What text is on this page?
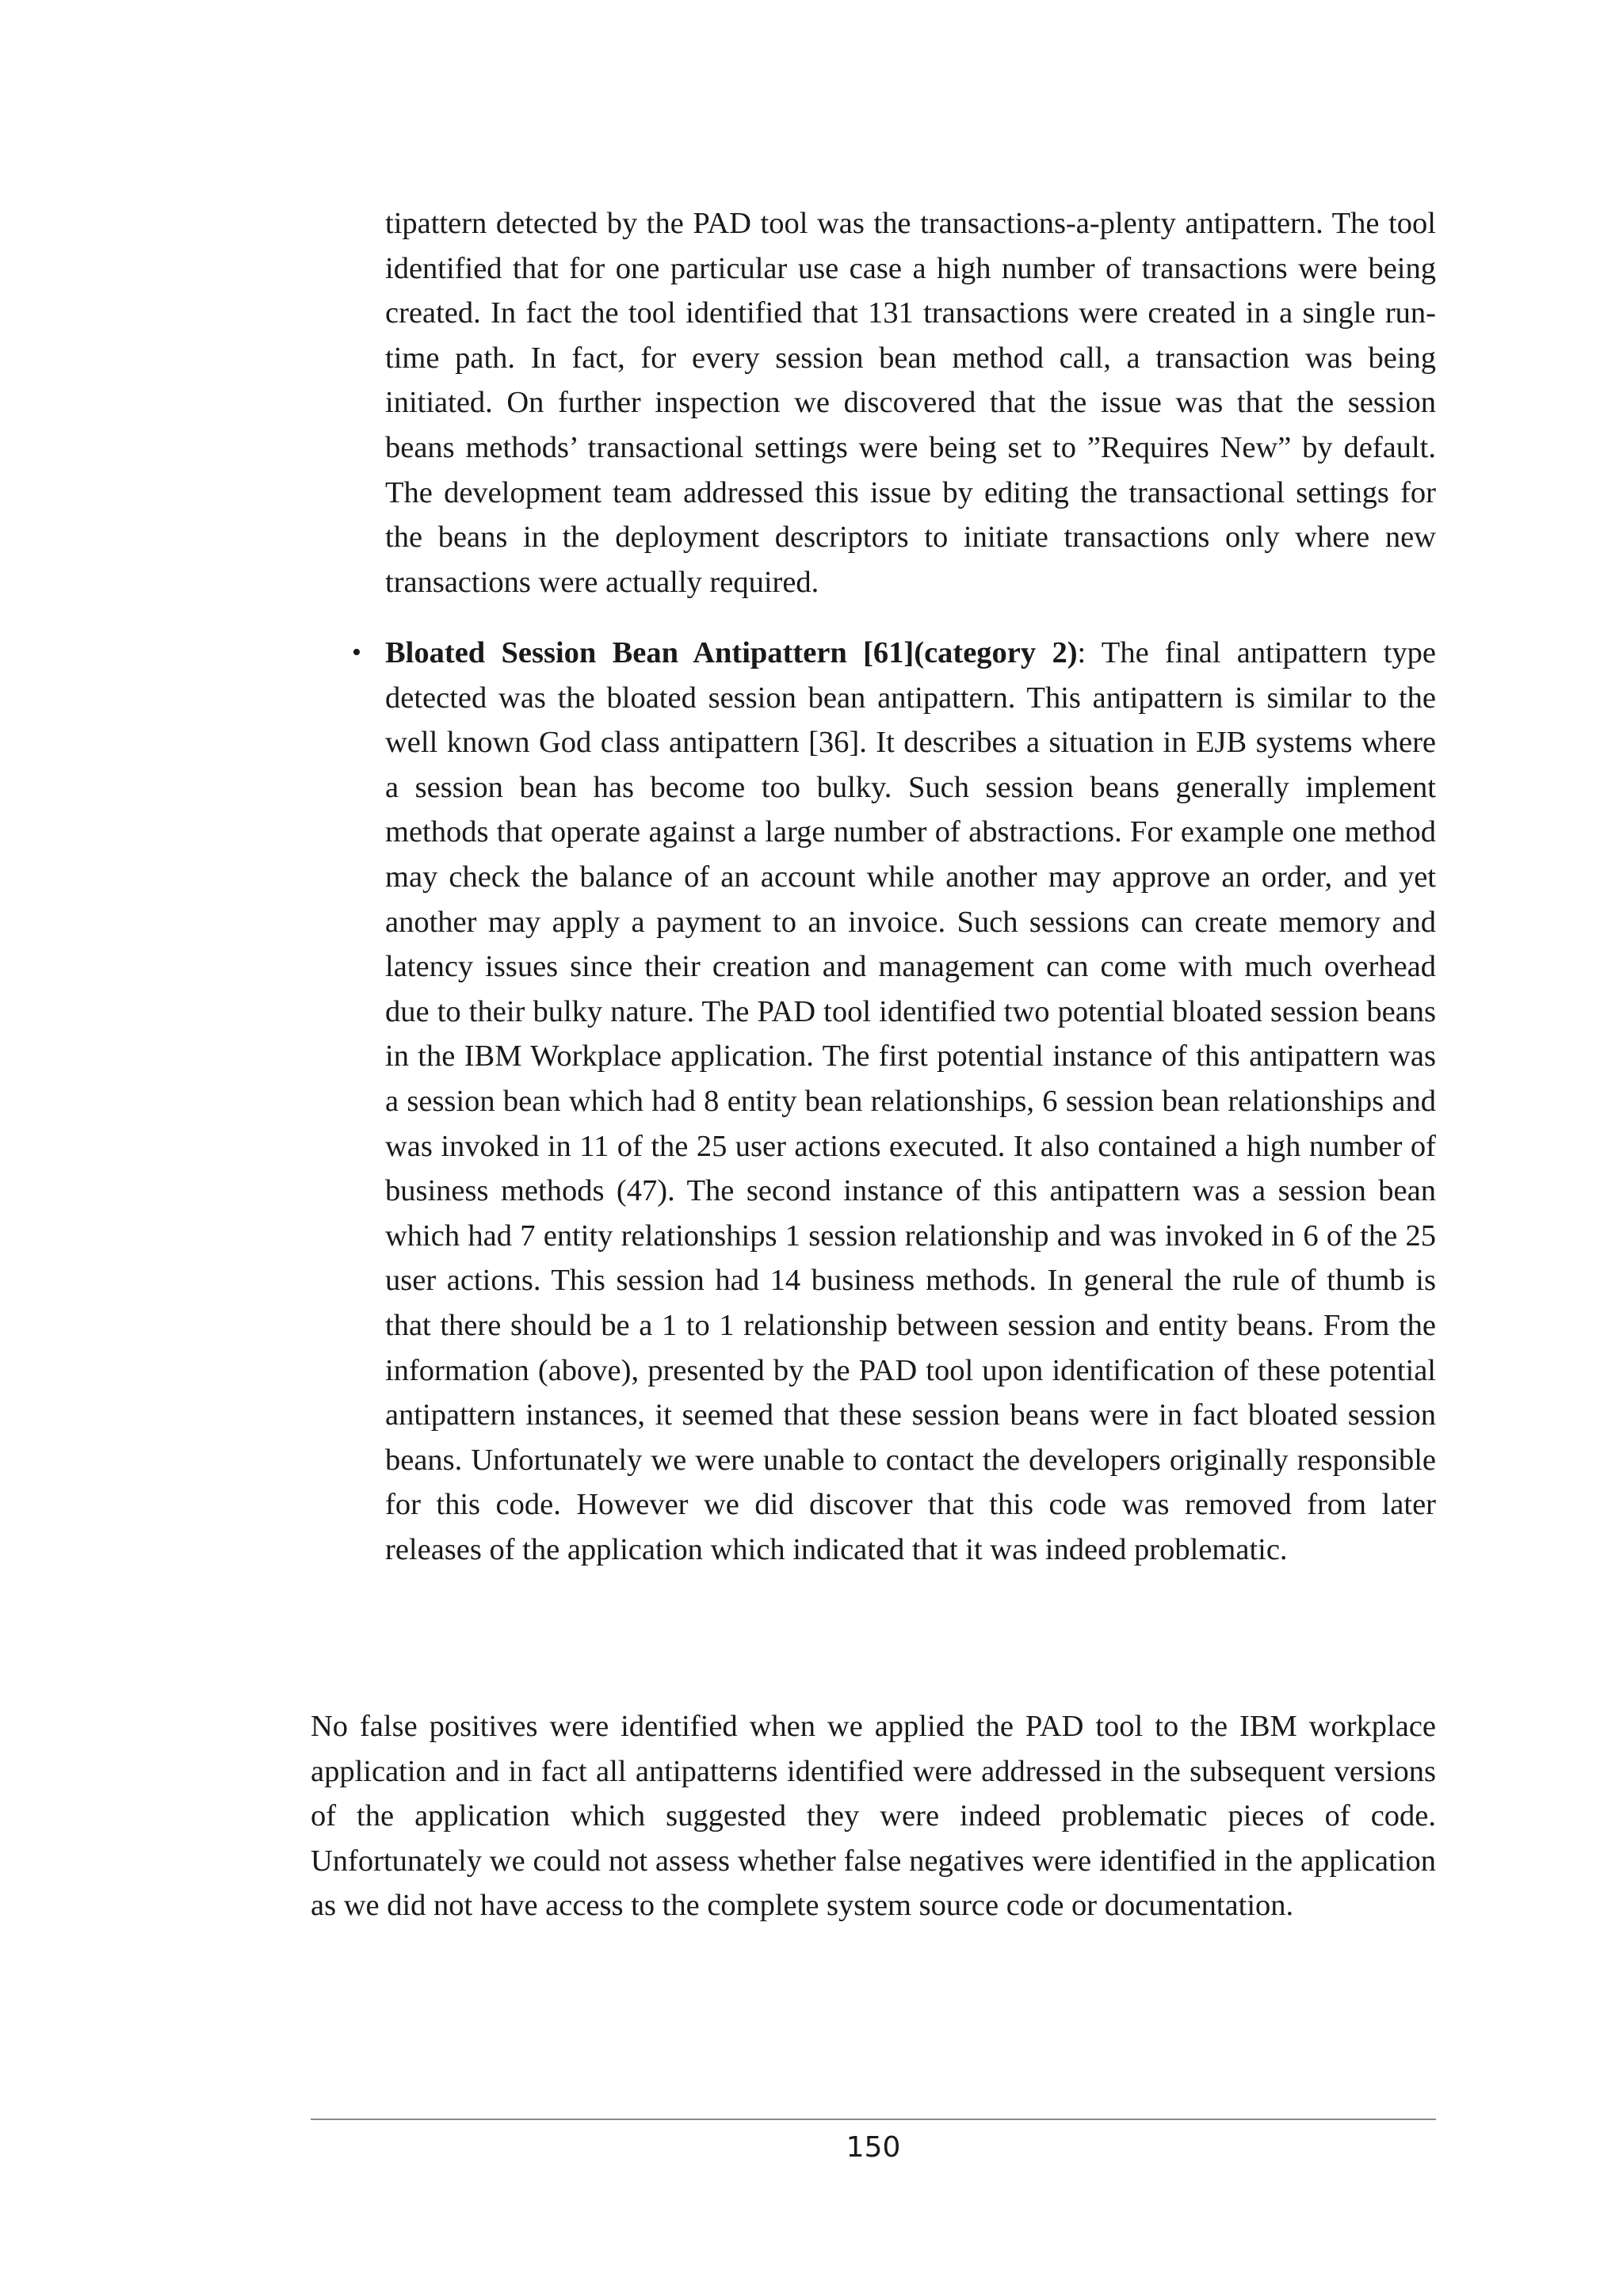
tipattern detected by the PAD tool was the transactions-a-plenty antipattern. The tool identified that for one particular use case a high number of transactions were being created. In fact the tool identified that 131 transactions were created in a single run-time path. In fact, for every session bean method call, a transaction was being initiated. On further inspection we discovered that the issue was that the session beans methods’ transactional settings were being set to ”Requires New” by default. The development team addressed this issue by editing the transactional settings for the beans in the deployment descriptors to initiate transactions only where new transactions were actually required.

• Bloated Session Bean Antipattern [61](category 2): The final antipattern type detected was the bloated session bean antipattern. This antipattern is similar to the well known God class antipattern [36]. It describes a situation in EJB systems where a session bean has become too bulky. Such session beans generally implement methods that operate against a large number of abstractions. For example one method may check the balance of an account while another may approve an order, and yet another may apply a payment to an invoice. Such sessions can create memory and latency issues since their creation and management can come with much overhead due to their bulky nature. The PAD tool identified two potential bloated session beans in the IBM Workplace application. The first potential instance of this antipattern was a session bean which had 8 entity bean relationships, 6 session bean relationships and was invoked in 11 of the 25 user actions executed. It also contained a high number of business methods (47). The second instance of this antipattern was a session bean which had 7 entity relationships 1 session relationship and was invoked in 6 of the 25 user actions. This session had 14 business methods. In general the rule of thumb is that there should be a 1 to 1 relationship between session and entity beans. From the information (above), presented by the PAD tool upon identification of these potential antipattern instances, it seemed that these session beans were in fact bloated session beans. Unfortunately we were unable to contact the developers originally responsible for this code. However we did discover that this code was removed from later releases of the application which indicated that it was indeed problematic.

No false positives were identified when we applied the PAD tool to the IBM workplace application and in fact all antipatterns identified were addressed in the subsequent versions of the application which suggested they were indeed problematic pieces of code. Unfortunately we could not assess whether false negatives were identified in the application as we did not have access to the complete system source code or documentation.

150
